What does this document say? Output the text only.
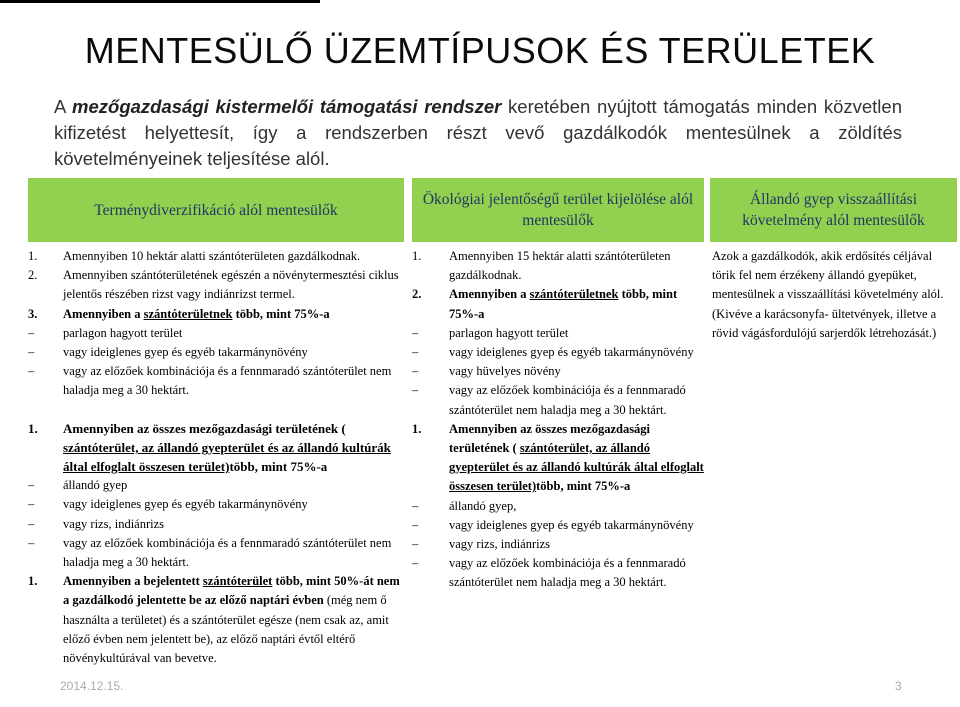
MENTESÜLŐ ÜZEMTÍPUSOK ÉS TERÜLETEK
A mezőgazdasági kistermelői támogatási rendszer keretében nyújtott támogatás minden közvetlen kifizetést helyettesít, így a rendszerben részt vevő gazdálkodók mentesülnek a zöldítés követelményeinek teljesítése alól.
Terménydiverzifikáció alól mentesülők
Ökológiai jelentőségű terület kijelölése alól mentesülők
Állandó gyep visszaállítási követelmény alól mentesülők
1.	Amennyiben 10 hektár alatti szántóterületen gazdálkodnak.
2.	Amennyiben szántóterületének egészén a növénytermesztési ciklus jelentős részében rizst vagy indiánrizst termel.
3.	Amennyiben a szántóterületnek több, mint 75%-a
–	parlagon hagyott terület
–	vagy ideiglenes gyep és egyéb takarmánynövény
–	vagy az előzőek kombinációja és a fennmaradó szántóterület nem haladja meg a 30 hektárt.
1.	Amennyiben az összes mezőgazdasági területének ( szántóterület, az állandó gyepterület és az állandó kultúrák által elfoglalt összesen terület)több, mint 75%-a
–	állandó gyep
–	vagy ideiglenes gyep és egyéb takarmánynövény
–	vagy rizs, indiánrizs
–	vagy az előzőek kombinációja és a fennmaradó szántóterület nem haladja meg a 30 hektárt.
1.	Amennyiben a bejelentett szántóterület több, mint 50%-át nem a gazdálkodó jelentette be az előző naptári évben (még nem ő használta a területet) és a szántóterület egésze (nem csak az, amit előző évben nem jelentett be), az előző naptári évtől eltérő növénykultúrával van bevetve.
1.	Amennyiben 15 hektár alatti szántóterületen gazdálkodnak.
2.	Amennyiben a szántóterületnek több, mint 75%-a
–	parlagon hagyott terület
–	vagy ideiglenes gyep és egyéb takarmánynövény
–	vagy hüvelyes növény
–	vagy az előzőek kombinációja és a fennmaradó szántóterület nem haladja meg a 30 hektárt.
1.	Amennyiben az összes mezőgazdasági területének ( szántóterület, az állandó gyepterület és az állandó kultúrák által elfoglalt összesen terület)több, mint 75%-a
–	állandó gyep,
–	vagy ideiglenes gyep és egyéb takarmánynövény
–	vagy rizs, indiánrizs
–	vagy az előzőek kombinációja és a fennmaradó szántóterület nem haladja meg a 30 hektárt.
Azok a gazdálkodók, akik erdősítés céljával törik fel nem érzékeny állandó gyepüket, mentesülnek a visszaállítási követelmény alól. (Kivéve a karácsonyfa- ültetvények, illetve a rövid vágásfordulójú sarjerdők létrehozását.)
2014.12.15.	3
